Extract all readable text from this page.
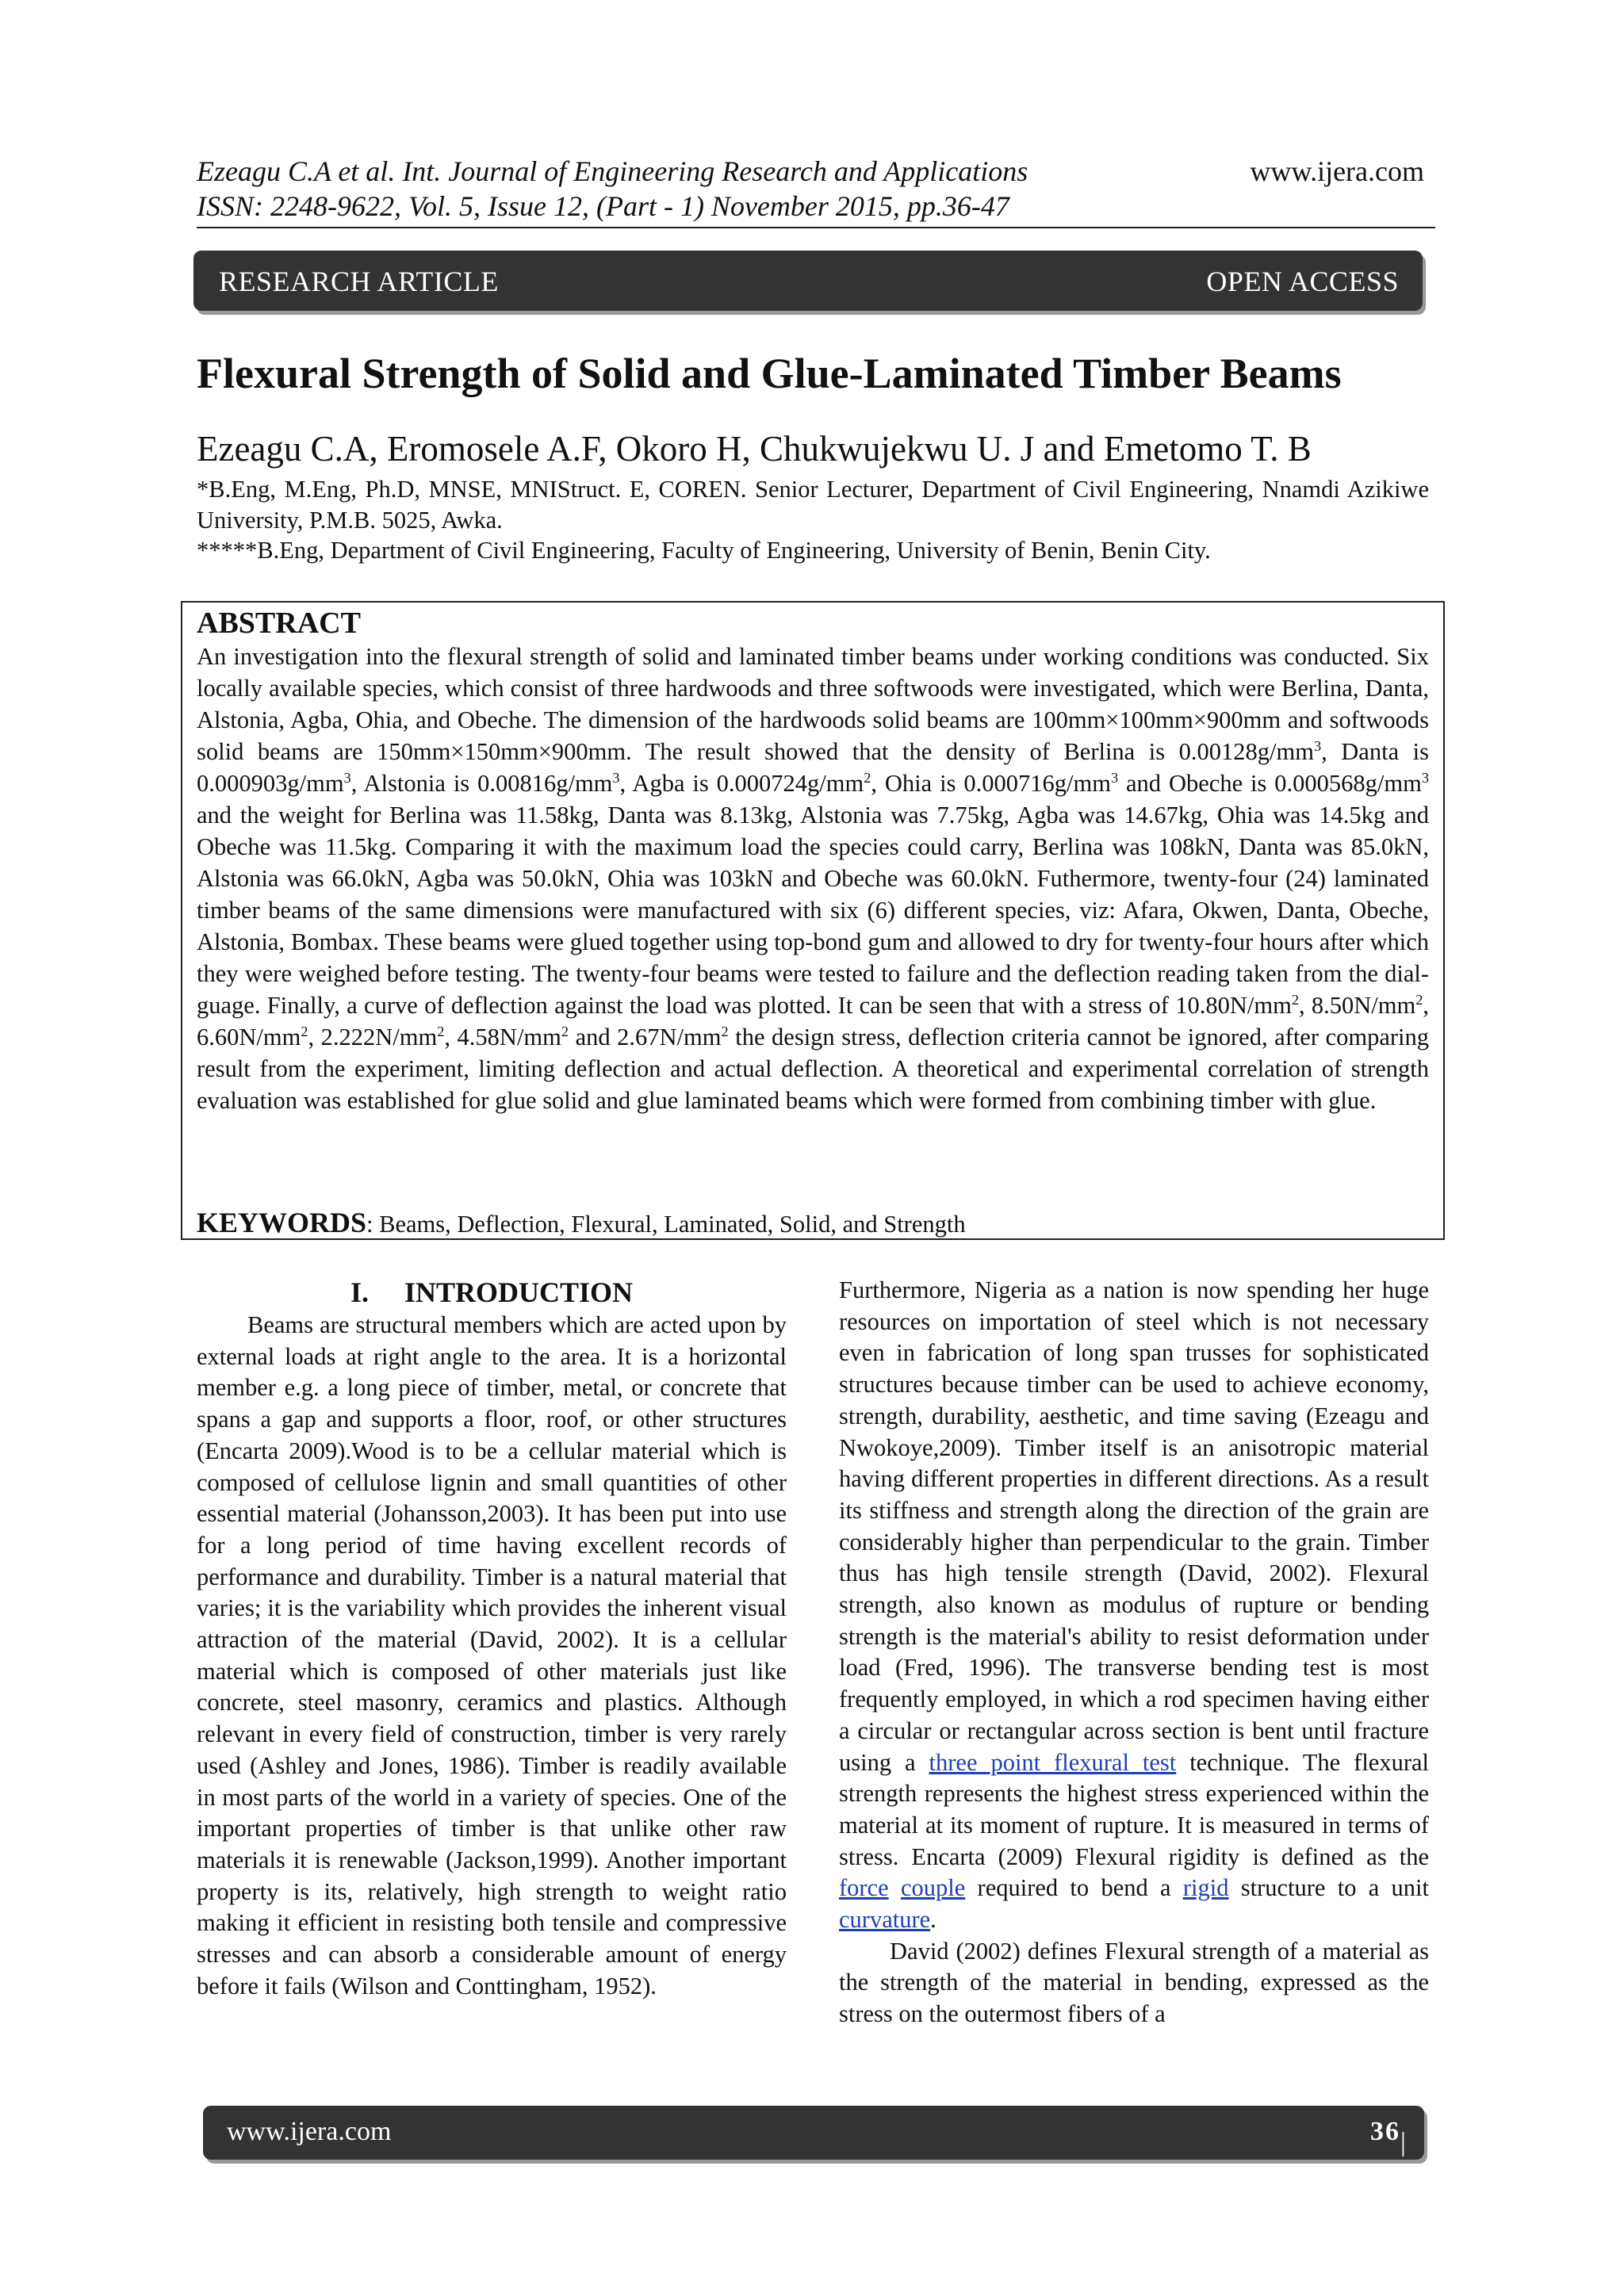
Ezeagu C.A et al. Int. Journal of Engineering Research and Applications
ISSN: 2248-9622, Vol. 5, Issue 12, (Part - 1) November 2015, pp.36-47
www.ijera.com
RESEARCH ARTICLE	OPEN ACCESS
Flexural Strength of Solid and Glue-Laminated Timber Beams
Ezeagu C.A, Eromosele A.F, Okoro H, Chukwujekwu U. J and Emetomo T. B
*B.Eng, M.Eng, Ph.D, MNSE, MNIStruct. E, COREN. Senior Lecturer, Department of Civil Engineering, Nnamdi Azikiwe University, P.M.B. 5025, Awka.
*****B.Eng, Department of Civil Engineering, Faculty of Engineering, University of Benin, Benin City.
ABSTRACT
An investigation into the flexural strength of solid and laminated timber beams under working conditions was conducted. Six locally available species, which consist of three hardwoods and three softwoods were investigated, which were Berlina, Danta, Alstonia, Agba, Ohia, and Obeche. The dimension of the hardwoods solid beams are 100mm×100mm×900mm and softwoods solid beams are 150mm×150mm×900mm. The result showed that the density of Berlina is $0.00128g/mm^3$, Danta is $0.000903g/mm^3$, Alstonia is $0.00816g/mm^3$, Agba is $0.000724g/mm^2$, Ohia is $0.000716g/mm^3$ and Obeche is $0.000568g/mm^3$ and the weight for Berlina was 11.58kg, Danta was 8.13kg, Alstonia was 7.75kg, Agba was 14.67kg, Ohia was 14.5kg and Obeche was 11.5kg. Comparing it with the maximum load the species could carry, Berlina was 108kN, Danta was 85.0kN, Alstonia was 66.0kN, Agba was 50.0kN, Ohia was 103kN and Obeche was 60.0kN. Futhermore, twenty-four (24) laminated timber beams of the same dimensions were manufactured with six (6) different species, viz: Afara, Okwen, Danta, Obeche, Alstonia, Bombax. These beams were glued together using top-bond gum and allowed to dry for twenty-four hours after which they were weighed before testing. The twenty-four beams were tested to failure and the deflection reading taken from the dial-guage. Finally, a curve of deflection against the load was plotted. It can be seen that with a stress of $10.80N/mm^2$, $8.50N/mm^2$, $6.60N/mm^2$, $2.222N/mm^2$, $4.58N/mm^2$ and $2.67N/mm^2$ the design stress, deflection criteria cannot be ignored, after comparing result from the experiment, limiting deflection and actual deflection. A theoretical and experimental correlation of strength evaluation was established for glue solid and glue laminated beams which were formed from combining timber with glue.
KEYWORDS: Beams, Deflection, Flexural, Laminated, Solid, and Strength
I.     INTRODUCTION

Beams are structural members which are acted upon by external loads at right angle to the area. It is a horizontal member e.g. a long piece of timber, metal, or concrete that spans a gap and supports a floor, roof, or other structures (Encarta 2009).Wood is to be a cellular material which is composed of cellulose lignin and small quantities of other essential material (Johansson,2003). It has been put into use for a long period of time having excellent records of performance and durability. Timber is a natural material that varies; it is the variability which provides the inherent visual attraction of the material (David, 2002). It is a cellular material which is composed of other materials just like concrete, steel masonry, ceramics and plastics. Although relevant in every field of construction, timber is very rarely used (Ashley and Jones, 1986). Timber is readily available in most parts of the world in a variety of species. One of the important properties of timber is that unlike other raw materials it is renewable (Jackson,1999). Another important property is its, relatively, high strength to weight ratio making it efficient in resisting both tensile and compressive stresses and can absorb a considerable amount of energy before it fails (Wilson and Conttingham, 1952).

Furthermore, Nigeria as a nation is now spending her huge resources on importation of steel which is not necessary even in fabrication of long span trusses for sophisticated structures because timber can be used to achieve economy, strength, durability, aesthetic, and time saving (Ezeagu and Nwokoye,2009). Timber itself is an anisotropic material having different properties in different directions. As a result its stiffness and strength along the direction of the grain are considerably higher than perpendicular to the grain. Timber thus has high tensile strength (David, 2002). Flexural strength, also known as modulus of rupture or bending strength is the material's ability to resist deformation under load (Fred, 1996). The transverse bending test is most frequently employed, in which a rod specimen having either a circular or rectangular across section is bent until fracture using a three point flexural test technique. The flexural strength represents the highest stress experienced within the material at its moment of rupture. It is measured in terms of stress. Encarta (2009) Flexural rigidity is defined as the force couple required to bend a rigid structure to a unit curvature.

David (2002) defines Flexural strength of a material as the strength of the material in bending, expressed as the stress on the outermost fibers of a

www.ijera.com	36 | P a g e
